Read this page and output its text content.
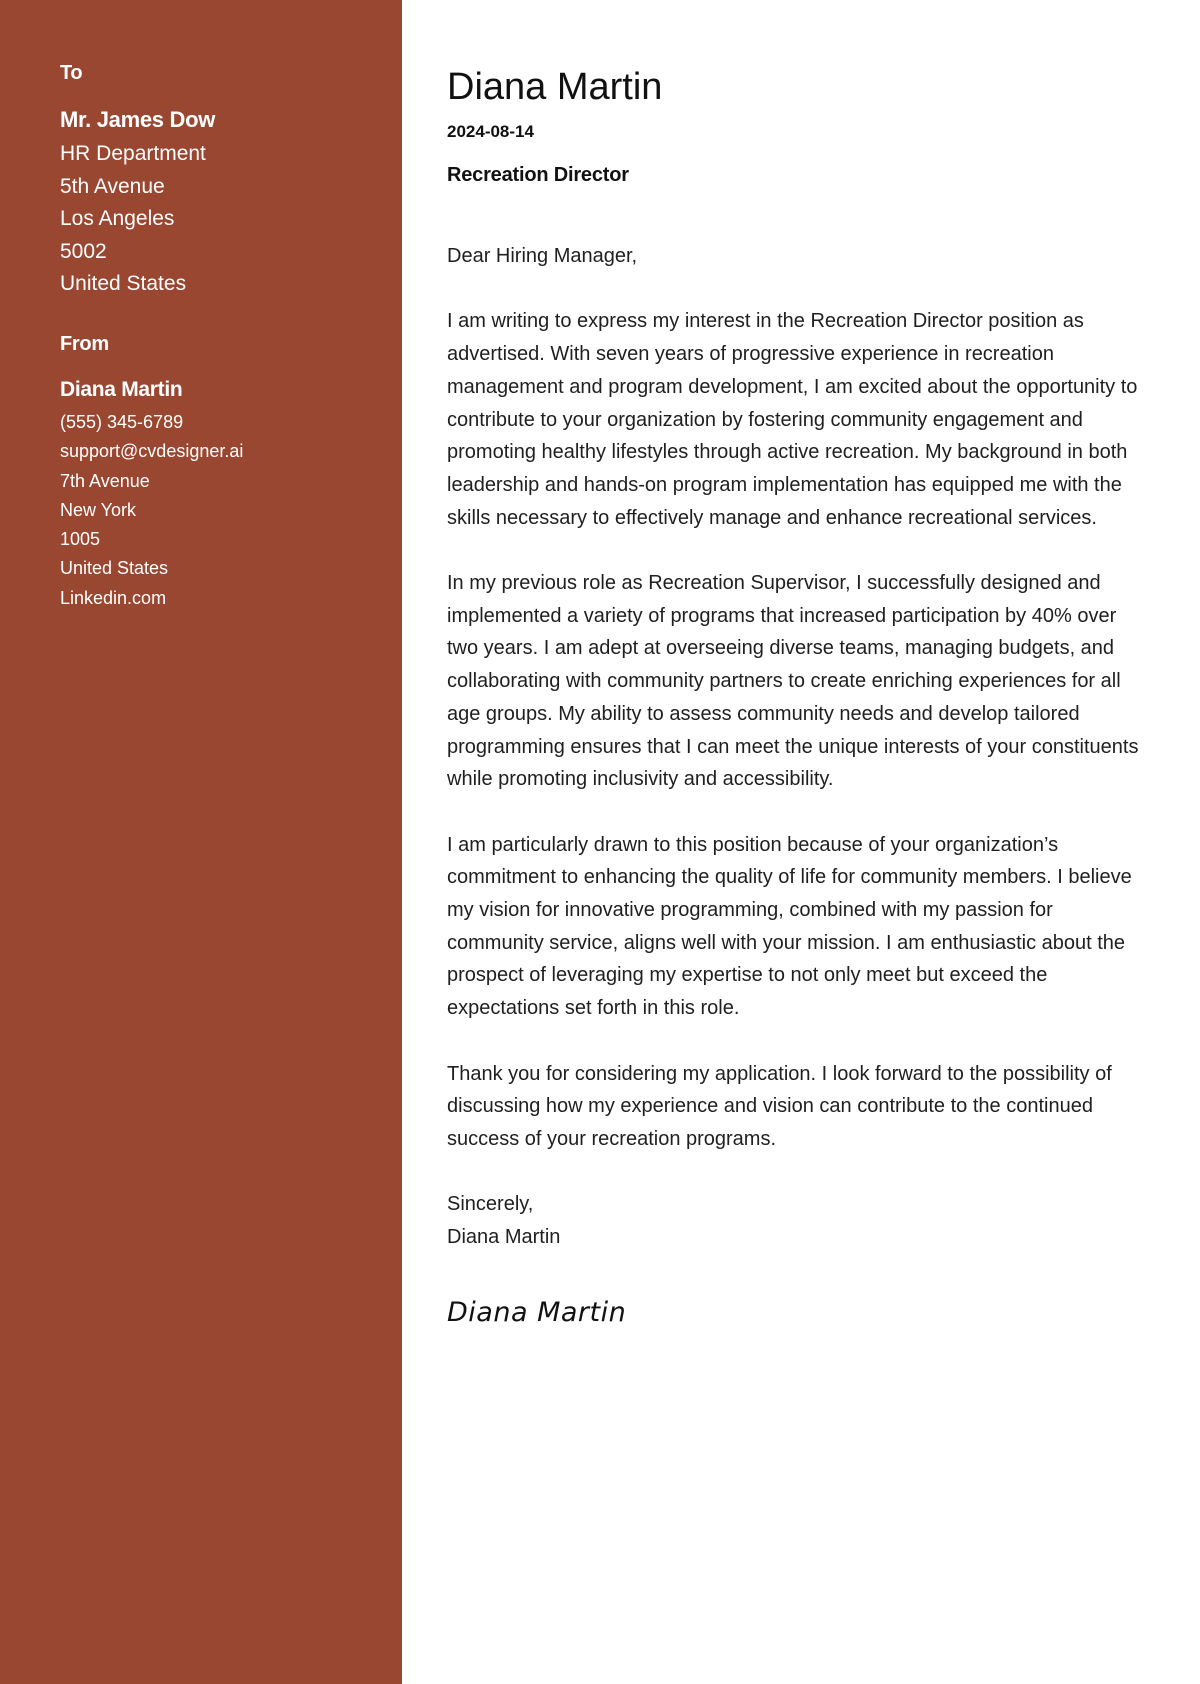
To
Mr. James Dow
HR Department
5th Avenue
Los Angeles
5002
United States
From
Diana Martin
(555) 345-6789
support@cvdesigner.ai
7th Avenue
New York
1005
United States
Linkedin.com
Diana Martin
2024-08-14
Recreation Director

Dear Hiring Manager,

I am writing to express my interest in the Recreation Director position as advertised. With seven years of progressive experience in recreation management and program development, I am excited about the opportunity to contribute to your organization by fostering community engagement and promoting healthy lifestyles through active recreation. My background in both leadership and hands-on program implementation has equipped me with the skills necessary to effectively manage and enhance recreational services.

In my previous role as Recreation Supervisor, I successfully designed and implemented a variety of programs that increased participation by 40% over two years. I am adept at overseeing diverse teams, managing budgets, and collaborating with community partners to create enriching experiences for all age groups. My ability to assess community needs and develop tailored programming ensures that I can meet the unique interests of your constituents while promoting inclusivity and accessibility.

I am particularly drawn to this position because of your organization’s commitment to enhancing the quality of life for community members. I believe my vision for innovative programming, combined with my passion for community service, aligns well with your mission. I am enthusiastic about the prospect of leveraging my expertise to not only meet but exceed the expectations set forth in this role.

Thank you for considering my application. I look forward to the possibility of discussing how my experience and vision can contribute to the continued success of your recreation programs.

Sincerely,
Diana Martin
Diana Martin
